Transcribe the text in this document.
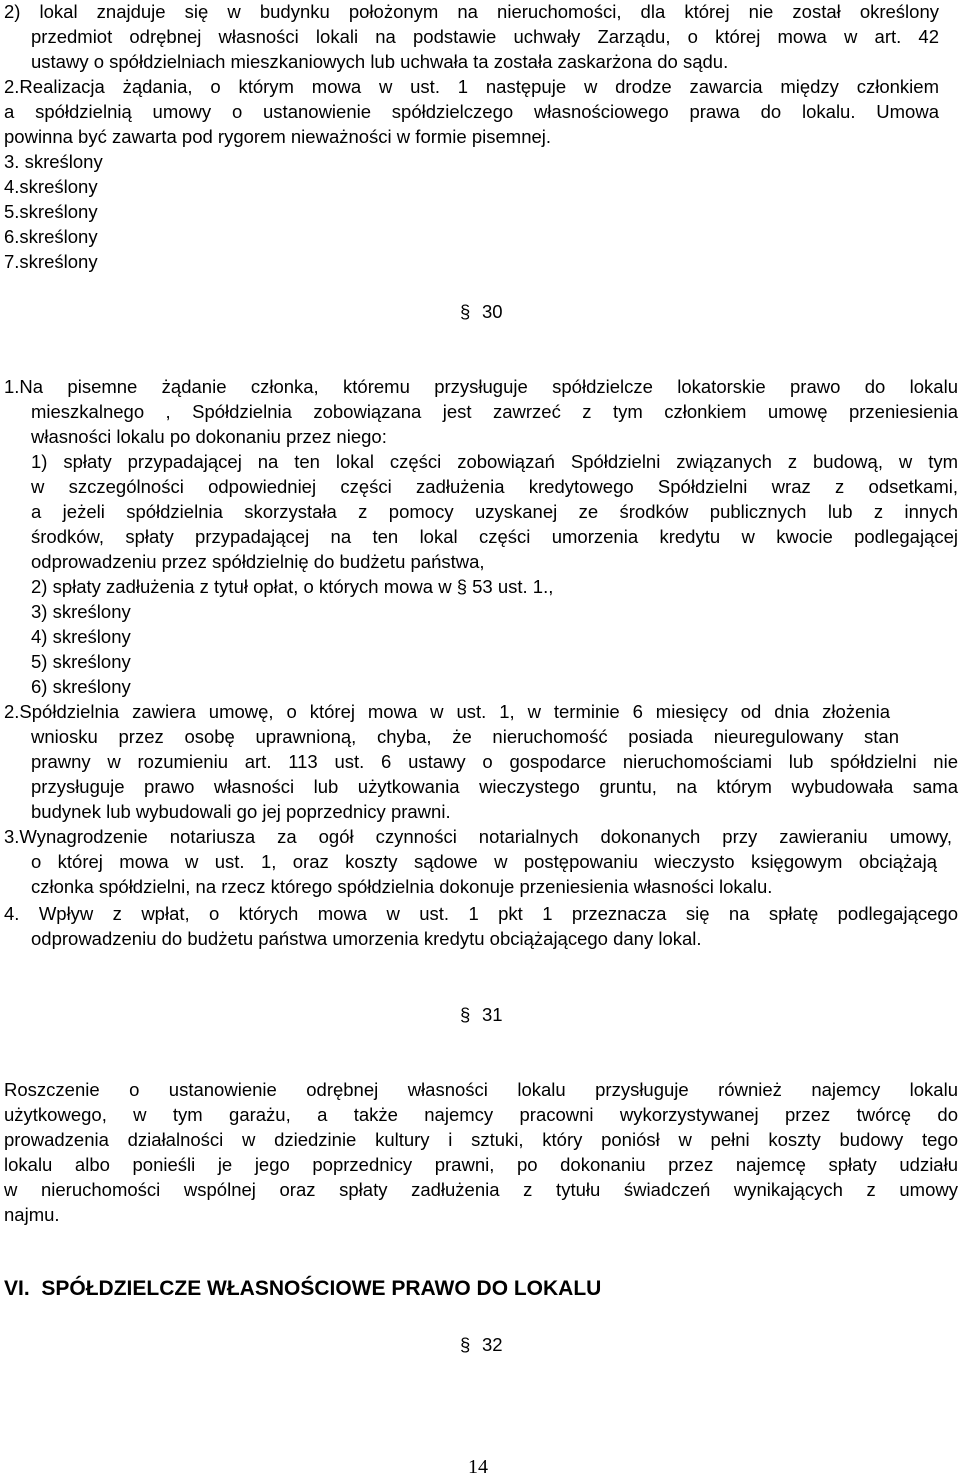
2) lokal znajduje się w budynku położonym na nieruchomości, dla której nie został określony
przedmiot odrębnej własności lokali na podstawie uchwały Zarządu, o której mowa w art. 42
ustawy o spółdzielniach mieszkaniowych lub uchwała ta została zaskarżona do sądu.
2.Realizacja żądania, o którym mowa w ust. 1 następuje w drodze zawarcia między członkiem
a spółdzielnią umowy o ustanowienie spółdzielczego własnościowego prawa do lokalu. Umowa
powinna być zawarta pod rygorem nieważności w formie pisemnej.
3. skreślony
4.skreślony
5.skreślony
6.skreślony
7.skreślony
§ 30
1.Na pisemne żądanie członka, któremu przysługuje spółdzielcze lokatorskie prawo do lokalu
mieszkalnego , Spółdzielnia zobowiązana jest zawrzeć z tym członkiem umowę przeniesienia
własności lokalu po dokonaniu przez niego:
1) spłaty przypadającej na ten lokal części zobowiązań Spółdzielni związanych z budową, w tym
w szczególności odpowiedniej części zadłużenia kredytowego Spółdzielni wraz z odsetkami,
a jeżeli spółdzielnia skorzystała z pomocy uzyskanej ze środków publicznych lub z innych
środków, spłaty przypadającej na ten lokal części umorzenia kredytu w kwocie podlegającej
odprowadzeniu przez spółdzielnię do budżetu państwa,
2) spłaty zadłużenia z tytuł opłat, o których mowa w § 53 ust. 1.,
3) skreślony
4) skreślony
5) skreślony
6) skreślony
2.Spółdzielnia zawiera umowę, o której mowa w ust. 1, w terminie 6 miesięcy od dnia złożenia
wniosku przez osobę uprawnioną, chyba, że nieruchomość posiada nieuregulowany stan
prawny w rozumieniu art. 113 ust. 6 ustawy o gospodarce nieruchomościami lub spółdzielni nie
przysługuje prawo własności lub użytkowania wieczystego gruntu, na którym wybudowała sama
budynek lub wybudowali go jej poprzednicy prawni.
3.Wynagrodzenie notariusza za ogół czynności notarialnych dokonanych przy zawieraniu umowy,
o której mowa w ust. 1, oraz koszty sądowe w postępowaniu wieczysto księgowym obciążają
członka spółdzielni, na rzecz którego spółdzielnia dokonuje przeniesienia własności lokalu.
4. Wpływ z wpłat, o których mowa w ust. 1 pkt 1 przeznacza się na spłatę podlegającego
odprowadzeniu do budżetu państwa umorzenia kredytu obciążającego dany lokal.
§ 31
Roszczenie o ustanowienie odrębnej własności lokalu przysługuje również najemcy lokalu
użytkowego, w tym garażu, a także najemcy pracowni wykorzystywanej przez twórcę do
prowadzenia działalności w dziedzinie kultury i sztuki, który poniósł w pełni koszty budowy tego
lokalu albo ponieśli je jego poprzednicy prawni, po dokonaniu przez najemcę spłaty udziału
w nieruchomości wspólnej oraz spłaty zadłużenia z tytułu świadczeń wynikających z umowy
najmu.
VI. SPÓŁDZIELCZE WŁASNOŚCIOWE PRAWO DO LOKALU
§ 32
14
